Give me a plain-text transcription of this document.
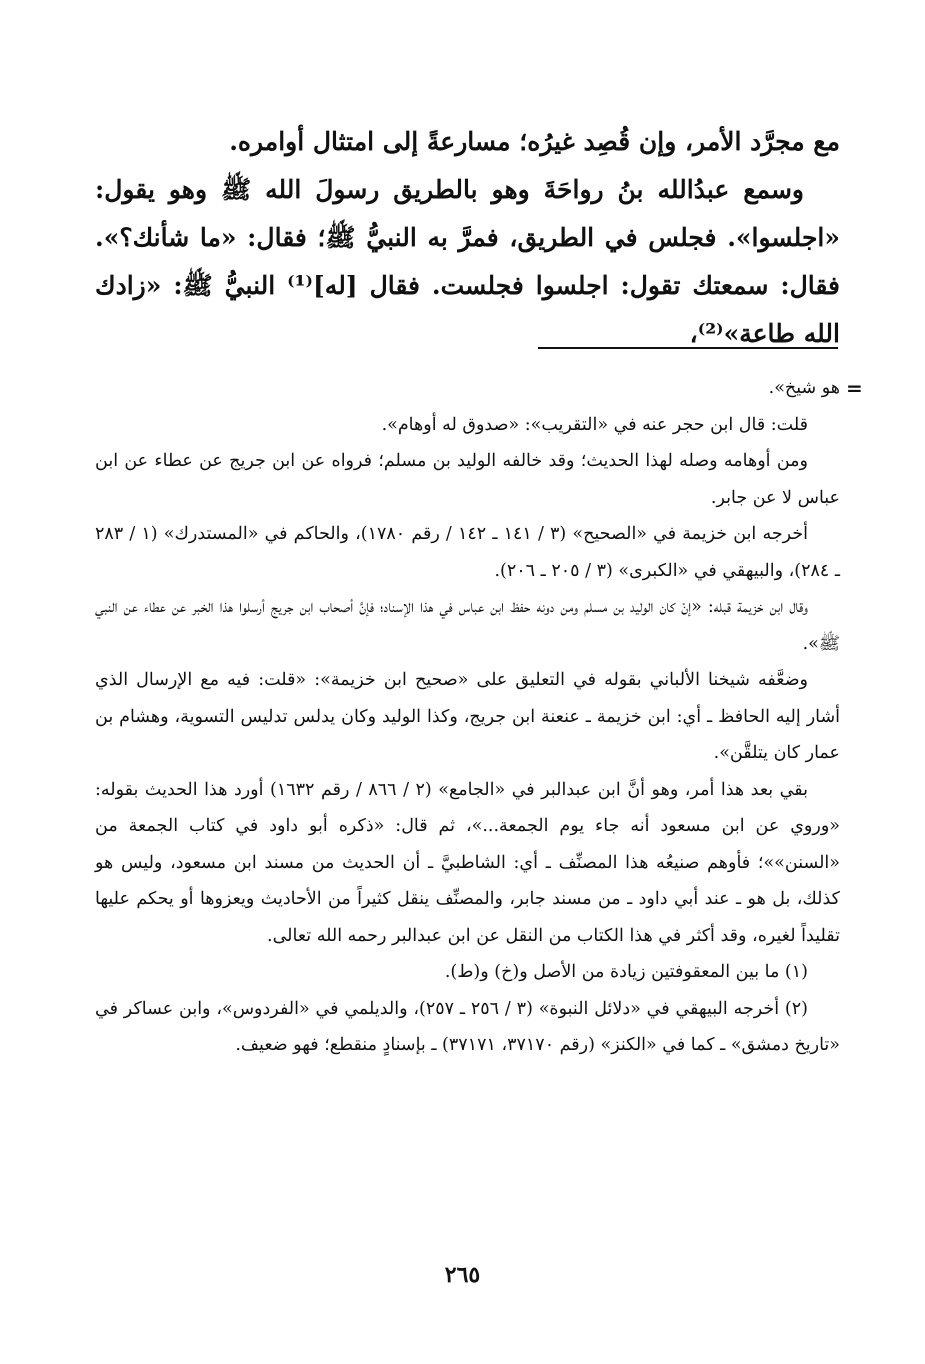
مع مجرَّد الأمر، وإن قُصِد غيرُه؛ مسارعةً إلى امتثال أوامره.

وسمع عبدُالله بنُ رواحَةَ وهو بالطريق رسولَ الله ﷺ وهو يقول: «اجلسوا». فجلس في الطريق، فمرَّ به النبيُّ ﷺ؛ فقال: «ما شأنك؟». فقال: سمعتك تقول: اجلسوا فجلست. فقال [له]⁽¹⁾ النبيُّ ﷺ: «زادك الله طاعة»⁽²⁾،

=

هو شيخ».

قلت: قال ابن حجر عنه في «التقريب»: «صدوق له أوهام».

ومن أوهامه وصله لهذا الحديث؛ وقد خالفه الوليد بن مسلم؛ فرواه عن ابن جريج عن عطاء عن ابن عباس لا عن جابر.

أخرجه ابن خزيمة في «الصحيح» (٣ / ١٤١ ـ ١٤٢ / رقم ١٧٨٠)، والحاكم في «المستدرك» (١ / ٢٨٣ ـ ٢٨٤)، والبيهقي في «الكبرى» (٣ / ٢٠٥ ـ ٢٠٦).

وقال ابن خزيمة قبله: «إنْ كان الوليد بن مسلم ومن دونه حفظ ابن عباس في هذا الإسناد؛ فإنَّ أصحاب ابن جريج أرسلوا هذا الخبر عن عطاء عن النبي ﷺ».

وضعَّفه شيخنا الألباني بقوله في التعليق على «صحيح ابن خزيمة»: «قلت: فيه مع الإرسال الذي أشار إليه الحافظ ـ أي: ابن خزيمة ـ عنعنة ابن جريج، وكذا الوليد وكان يدلس تدليس التسوية، وهشام بن عمار كان يتلقَّن».

بقي بعد هذا أمر، وهو أنَّ ابن عبدالبر في «الجامع» (٢ / ٨٦٦ / رقم ١٦٣٢) أورد هذا الحديث بقوله: «وروي عن ابن مسعود أنه جاء يوم الجمعة...»، ثم قال: «ذكره أبو داود في كتاب الجمعة من «السنن»»؛ فأوهم صنيعُه هذا المصنِّف ـ أي: الشاطبيَّ ـ أن الحديث من مسند ابن مسعود، وليس هو كذلك، بل هو ـ عند أبي داود ـ من مسند جابر، والمصنِّف ينقل كثيراً من الأحاديث ويعزوها أو يحكم عليها تقليداً لغيره، وقد أكثر في هذا الكتاب من النقل عن ابن عبدالبر رحمه الله تعالى.

(١) ما بين المعقوفتين زيادة من الأصل و(خ) و(ط).

(٢) أخرجه البيهقي في «دلائل النبوة» (٣ / ٢٥٦ ـ ٢٥٧)، والديلمي في «الفردوس»، وابن عساكر في «تاريخ دمشق» ـ كما في «الكنز» (رقم ٣٧١٧٠، ٣٧١٧١) ـ بإسنادٍ منقطع؛ فهو ضعيف.

٢٦٥
